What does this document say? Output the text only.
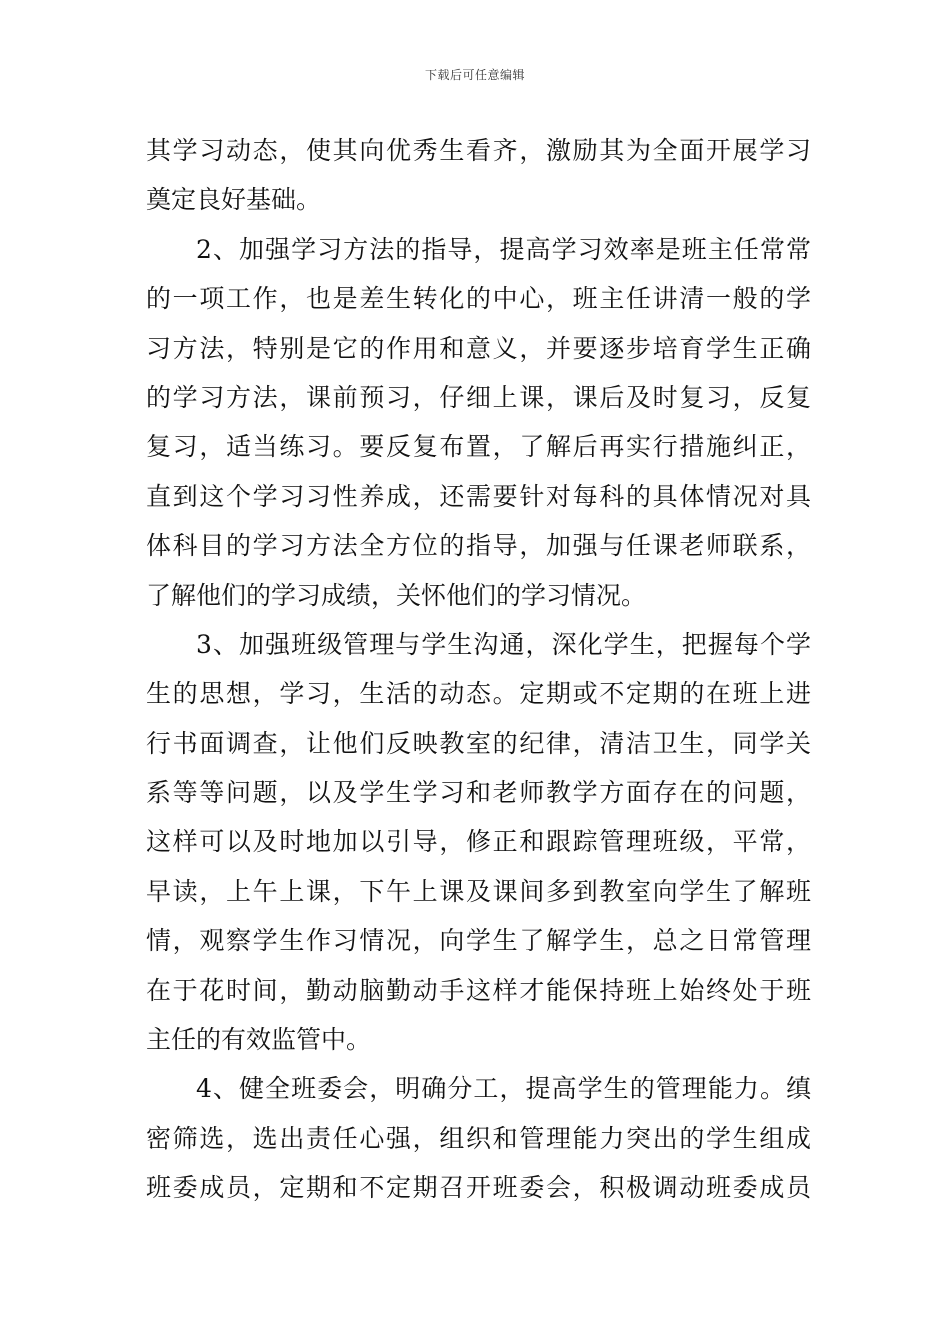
下载后可任意编辑
其学习动态，使其向优秀生看齐，激励其为全面开展学习
奠定良好基础。
2、加强学习方法的指导，提高学习效率是班主任常常
的一项工作，也是差生转化的中心，班主任讲清一般的学
习方法，特别是它的作用和意义，并要逐步培育学生正确
的学习方法，课前预习，仔细上课，课后及时复习，反复
复习，适当练习。要反复布置，了解后再实行措施纠正，
直到这个学习习性养成，还需要针对每科的具体情况对具
体科目的学习方法全方位的指导，加强与任课老师联系，
了解他们的学习成绩，关怀他们的学习情况。
3、加强班级管理与学生沟通，深化学生，把握每个学
生的思想，学习，生活的动态。定期或不定期的在班上进
行书面调查，让他们反映教室的纪律，清洁卫生，同学关
系等等问题，以及学生学习和老师教学方面存在的问题，
这样可以及时地加以引导，修正和跟踪管理班级，平常，
早读，上午上课，下午上课及课间多到教室向学生了解班
情，观察学生作习情况，向学生了解学生，总之日常管理
在于花时间，勤动脑勤动手这样才能保持班上始终处于班
主任的有效监管中。
4、健全班委会，明确分工，提高学生的管理能力。缜
密筛选，选出责任心强，组织和管理能力突出的学生组成
班委成员，定期和不定期召开班委会，积极调动班委成员
